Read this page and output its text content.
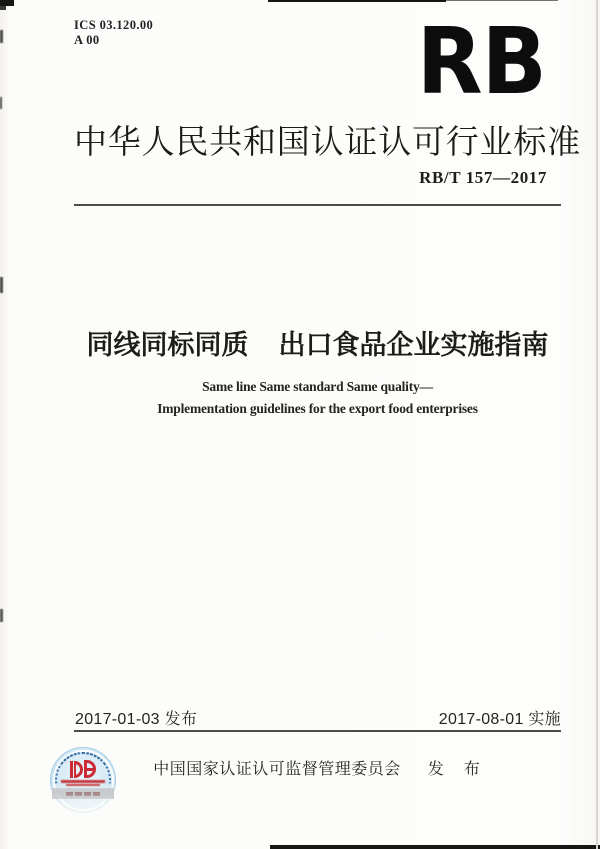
ICS 03.120.00
A 00	RB
中华人民共和国认证认可行业标准
RB/T 157—2017
同线同标同质 出口食品企业实施指南
Same line Same standard Same quality—
Implementation guidelines for the export food enterprises
2017-01-03 发布	2017-08-01 实施
中国国家认证认可监督管理委员会 发　布
